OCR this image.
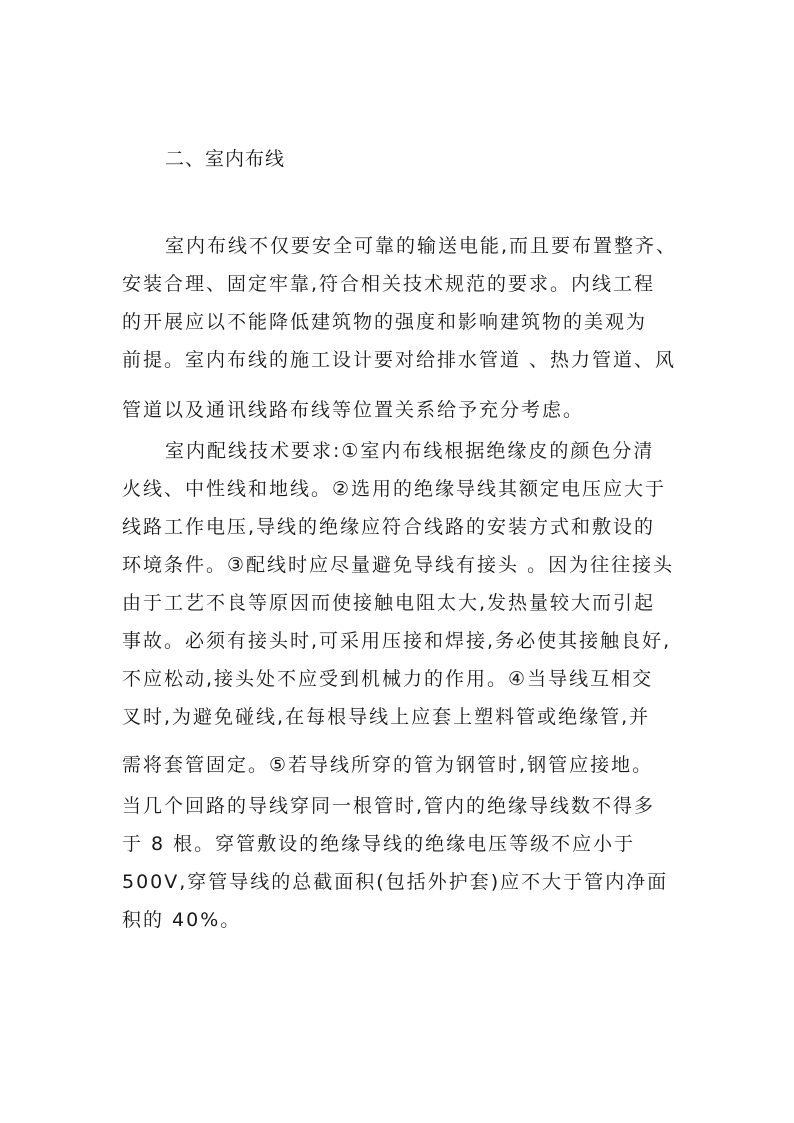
二、室内布线
室内布线不仅要安全可靠的输送电能,而且要布置整齐、
安装合理、固定牢靠,符合相关技术规范的要求。内线工程
的开展应以不能降低建筑物的强度和影响建筑物的美观为
前提。室内布线的施工设计要对给排水管道 、热力管道、风
管道以及通讯线路布线等位置关系给予充分考虑。
室内配线技术要求:①室内布线根据绝缘皮的颜色分清
火线、中性线和地线。②选用的绝缘导线其额定电压应大于
线路工作电压,导线的绝缘应符合线路的安装方式和敷设的
环境条件。③配线时应尽量避免导线有接头 。因为往往接头
由于工艺不良等原因而使接触电阻太大,发热量较大而引起
事故。必须有接头时,可采用压接和焊接,务必使其接触良好,
不应松动,接头处不应受到机械力的作用。④当导线互相交
叉时,为避免碰线,在每根导线上应套上塑料管或绝缘管,并
需将套管固定。⑤若导线所穿的管为钢管时,钢管应接地。
当几个回路的导线穿同一根管时,管内的绝缘导线数不得多
于 8 根。穿管敷设的绝缘导线的绝缘电压等级不应小于
500V,穿管导线的总截面积(包括外护套)应不大于管内净面
积的 40%。
